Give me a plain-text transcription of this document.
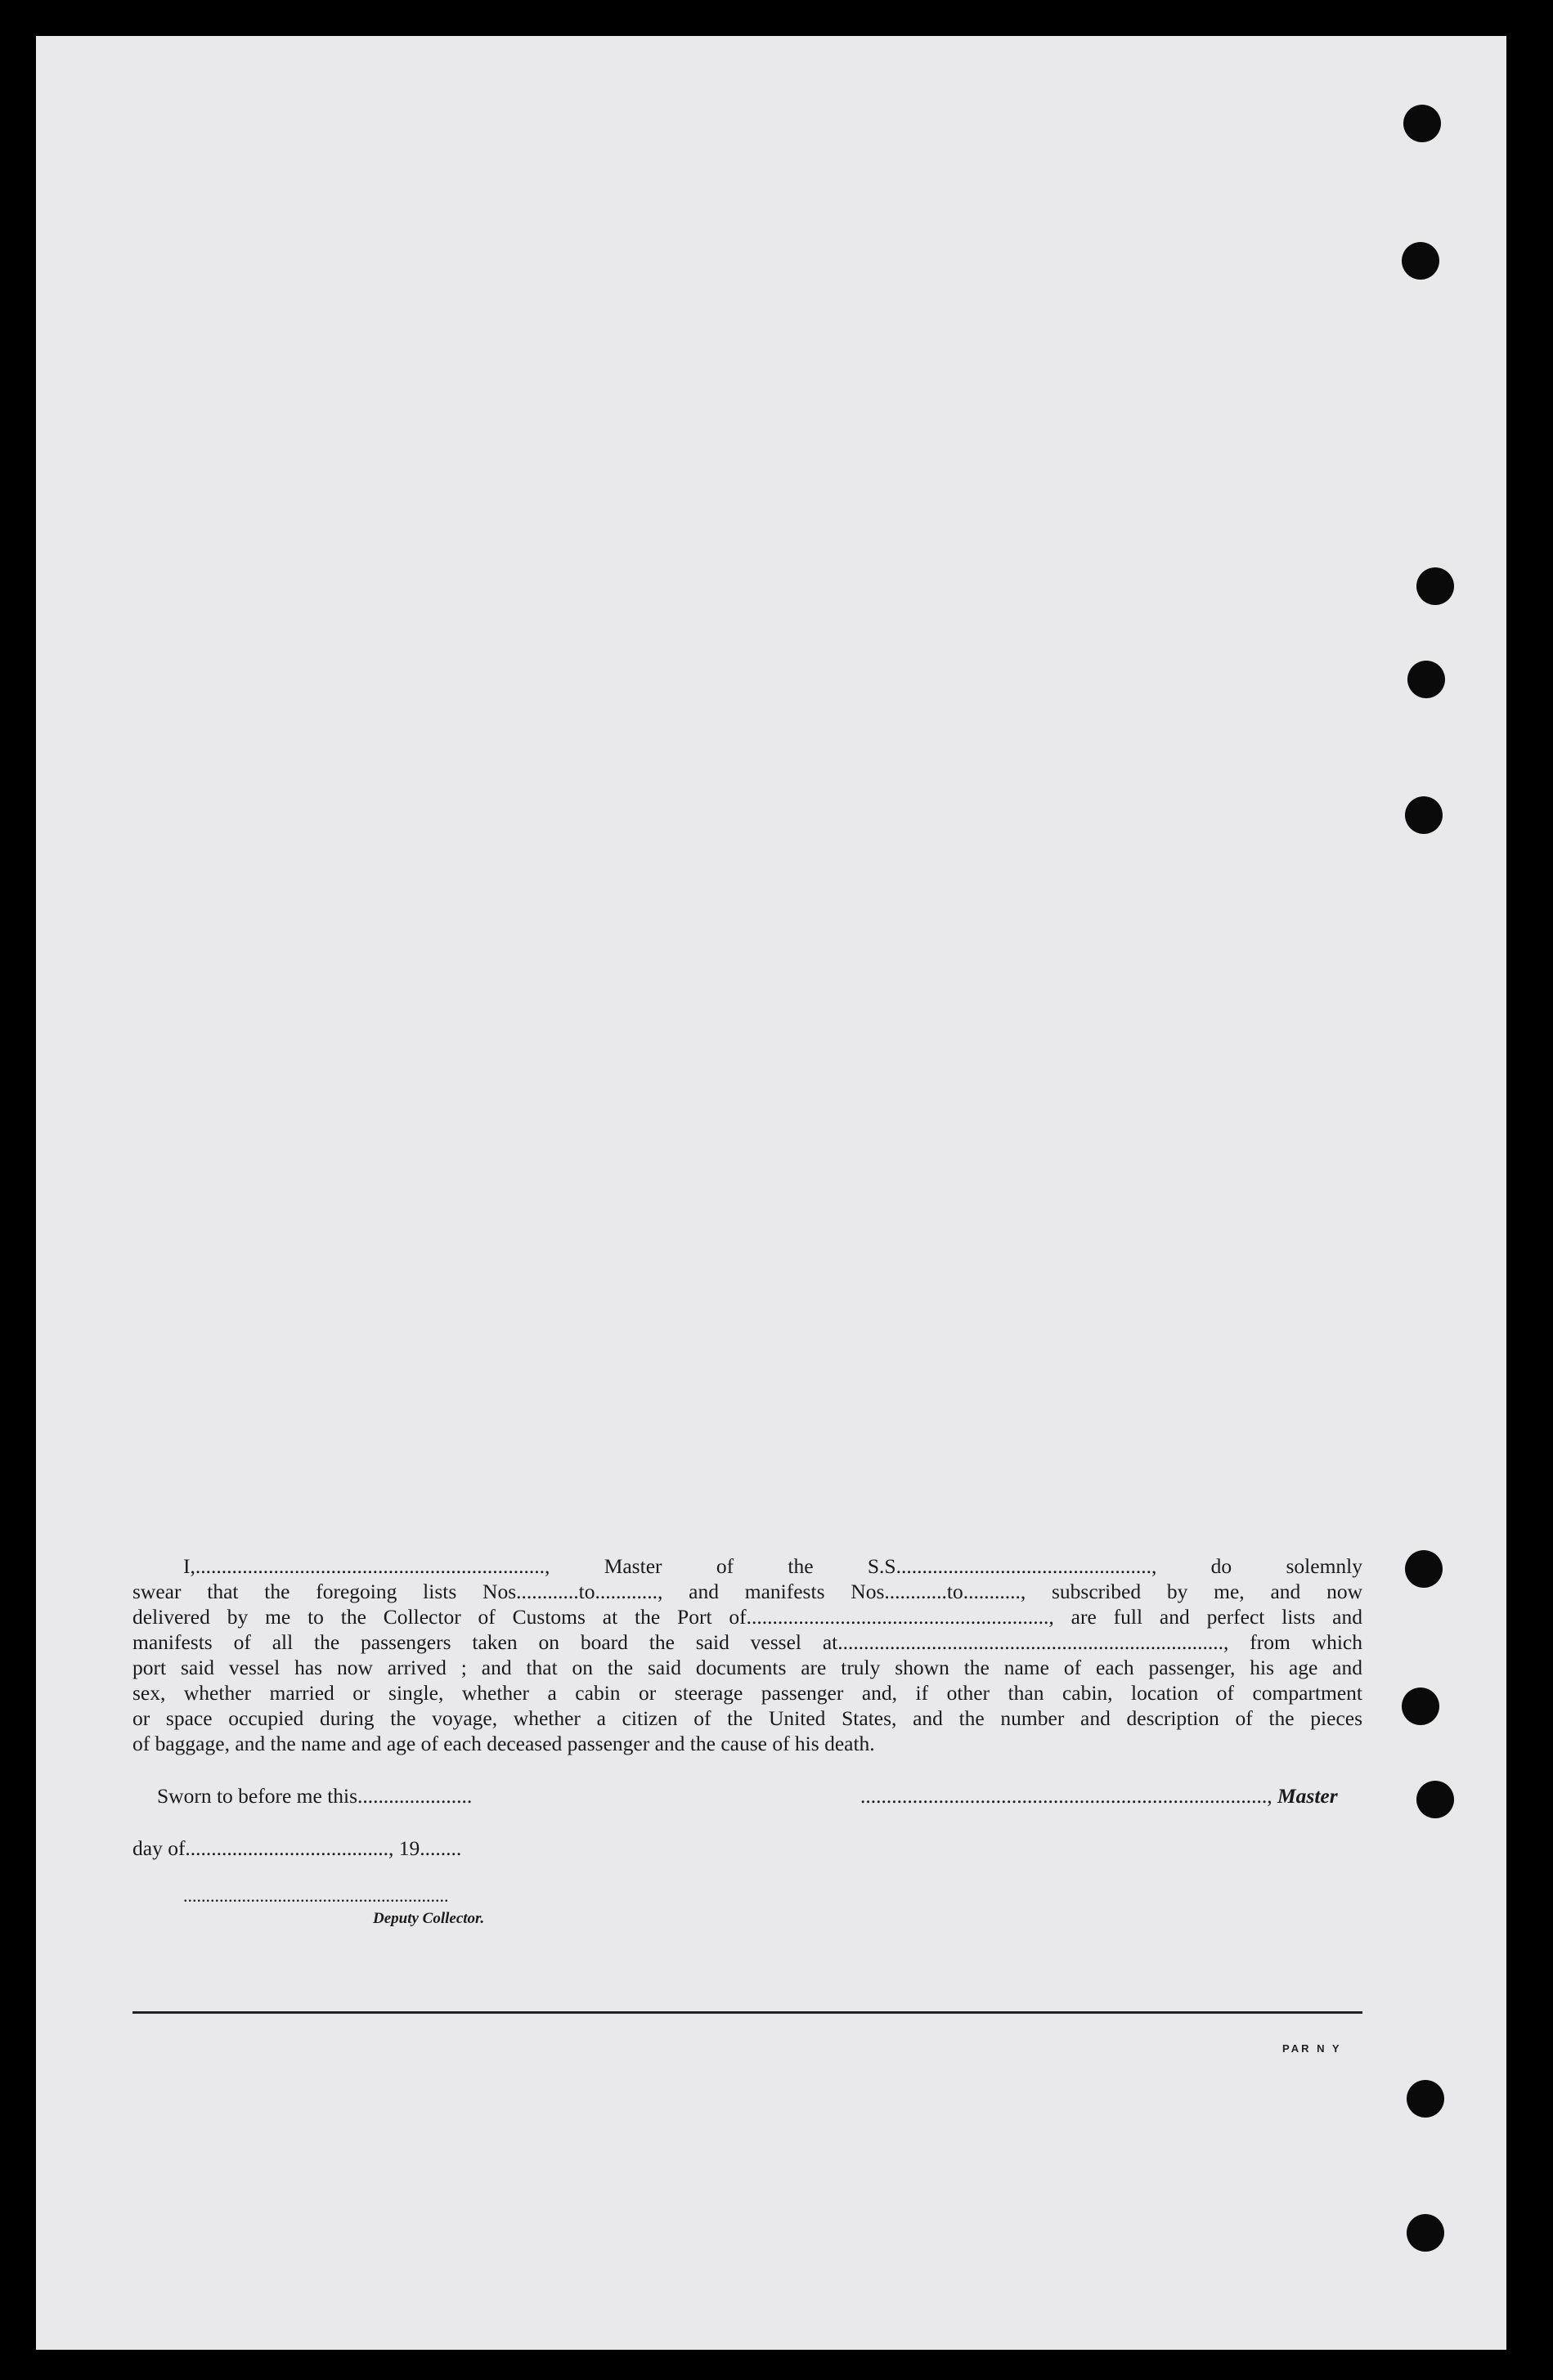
I,..................................................................., Master of the S.S................................................., do solemnly

swear that the foregoing lists Nos............to............, and manifests Nos............to..........., subscribed by me, and now

delivered by me to the Collector of Customs at the Port of.........................................................., are full and perfect lists and

manifests of all the passengers taken on board the said vessel at.........................................................................., from which

port said vessel has now arrived ; and that on the said documents are truly shown the name of each passenger, his age and

sex, whether married or single, whether a cabin or steerage passenger and, if other than cabin, location of compartment

or space occupied during the voyage, whether a citizen of the United States, and the number and description of the pieces

of baggage, and the name and age of each deceased passenger and the cause of his death.

Sworn to before me this......................	.............................................................................., Master
day of......................................., 19........
...........................................................
Deputy Collector.
PAR N Y
